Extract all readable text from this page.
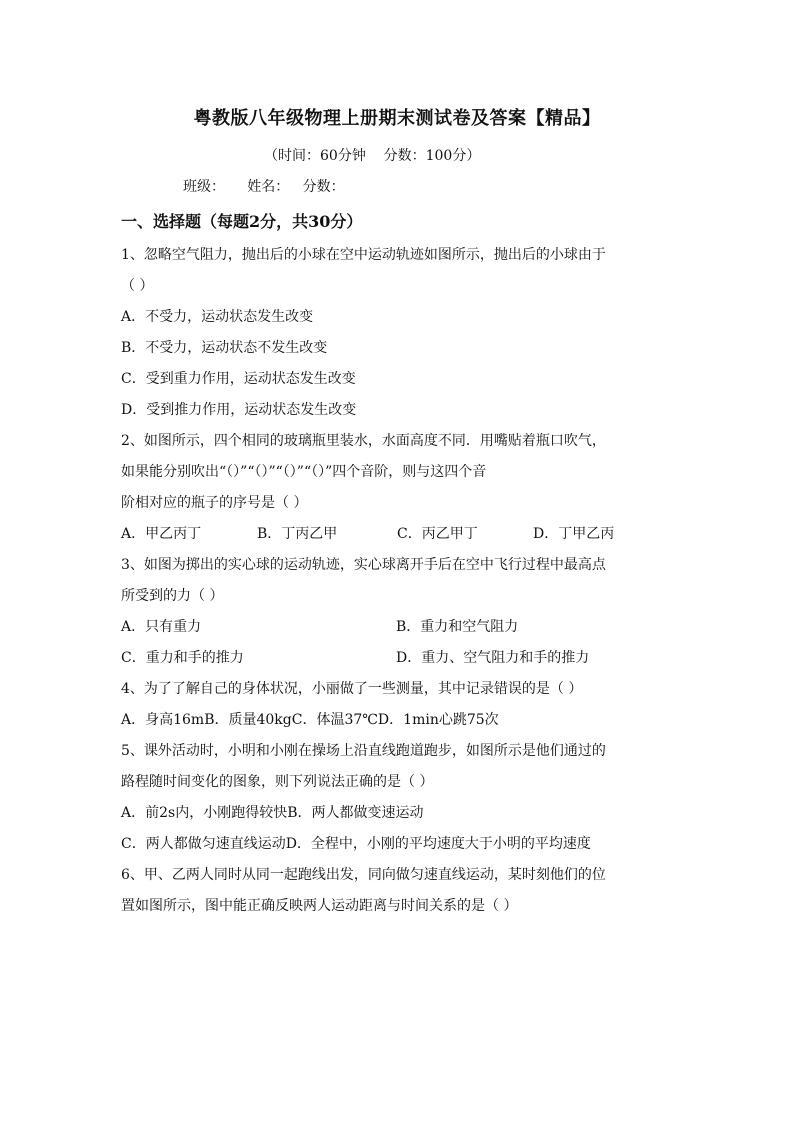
粤教版八年级物理上册期末测试卷及答案【精品】
（时间：60分钟    分数：100分）
班级：     姓名：   分数：
一、选择题（每题2分，共30分）
1、忽略空气阻力，抛出后的小球在空中运动轨迹如图所示，抛出后的小球由于
（ ）
A．不受力，运动状态发生改变
B．不受力，运动状态不发生改变
C．受到重力作用，运动状态发生改变
D．受到推力作用，运动状态发生改变
2、如图所示，四个相同的玻璃瓶里装水，水面高度不同．用嘴贴着瓶口吹气，
如果能分别吹出“（）”“（）”“（）”“（）”四个音阶，则与这四个音
阶相对应的瓶子的序号是（ ）
A．甲乙丙丁	B．丁丙乙甲	C．丙乙甲丁	D．丁甲乙丙
3、如图为掷出的实心球的运动轨迹，实心球离开手后在空中飞行过程中最高点
所受到的力（ ）
A．只有重力	B．重力和空气阻力
C．重力和手的推力	D．重力、空气阻力和手的推力
4、为了了解自己的身体状况，小丽做了一些测量，其中记录错误的是（ ）
A．身高16mB．质量40kgC．体温37℃D．1min心跳75次
5、课外活动时，小明和小刚在操场上沿直线跑道跑步，如图所示是他们通过的
路程随时间变化的图象，则下列说法正确的是（ ）
A．前2s内，小刚跑得较快B．两人都做变速运动
C．两人都做匀速直线运动D．全程中，小刚的平均速度大于小明的平均速度
6、甲、乙两人同时从同一起跑线出发，同向做匀速直线运动，某时刻他们的位
置如图所示，图中能正确反映两人运动距离与时间关系的是（ ）
